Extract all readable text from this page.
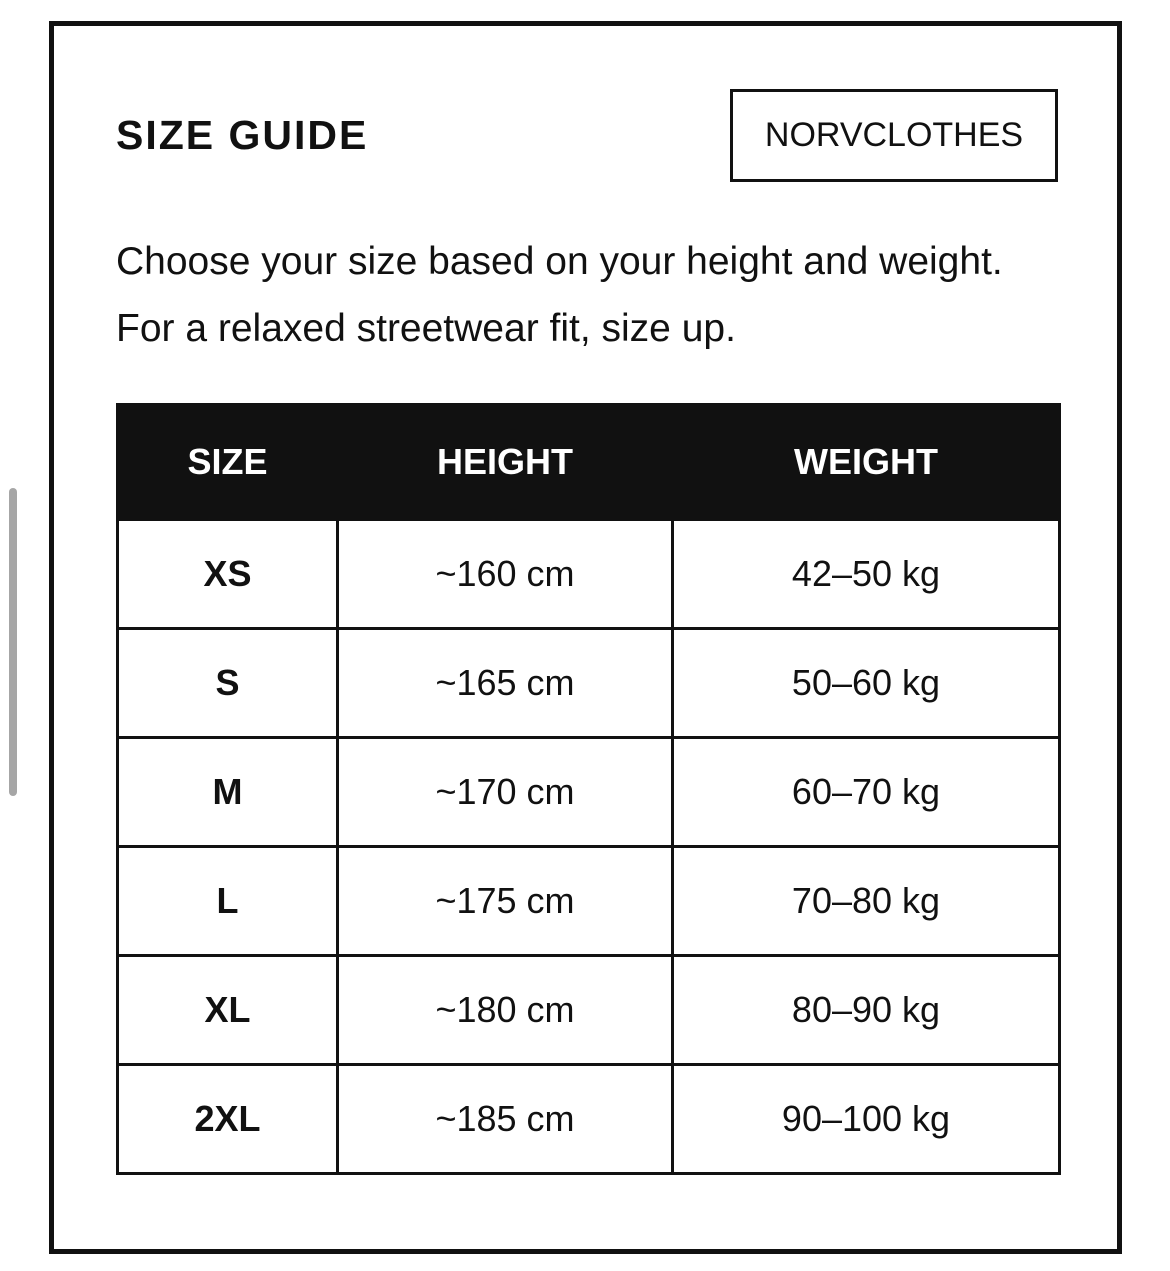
SIZE GUIDE	NORVCLOTHES
Choose your size based on your height and weight. For a relaxed streetwear fit, size up.
SIZE	HEIGHT	WEIGHT
XS	~160 cm	42–50 kg
S	~165 cm	50–60 kg
M	~170 cm	60–70 kg
L	~175 cm	70–80 kg
XL	~180 cm	80–90 kg
2XL	~185 cm	90–100 kg
